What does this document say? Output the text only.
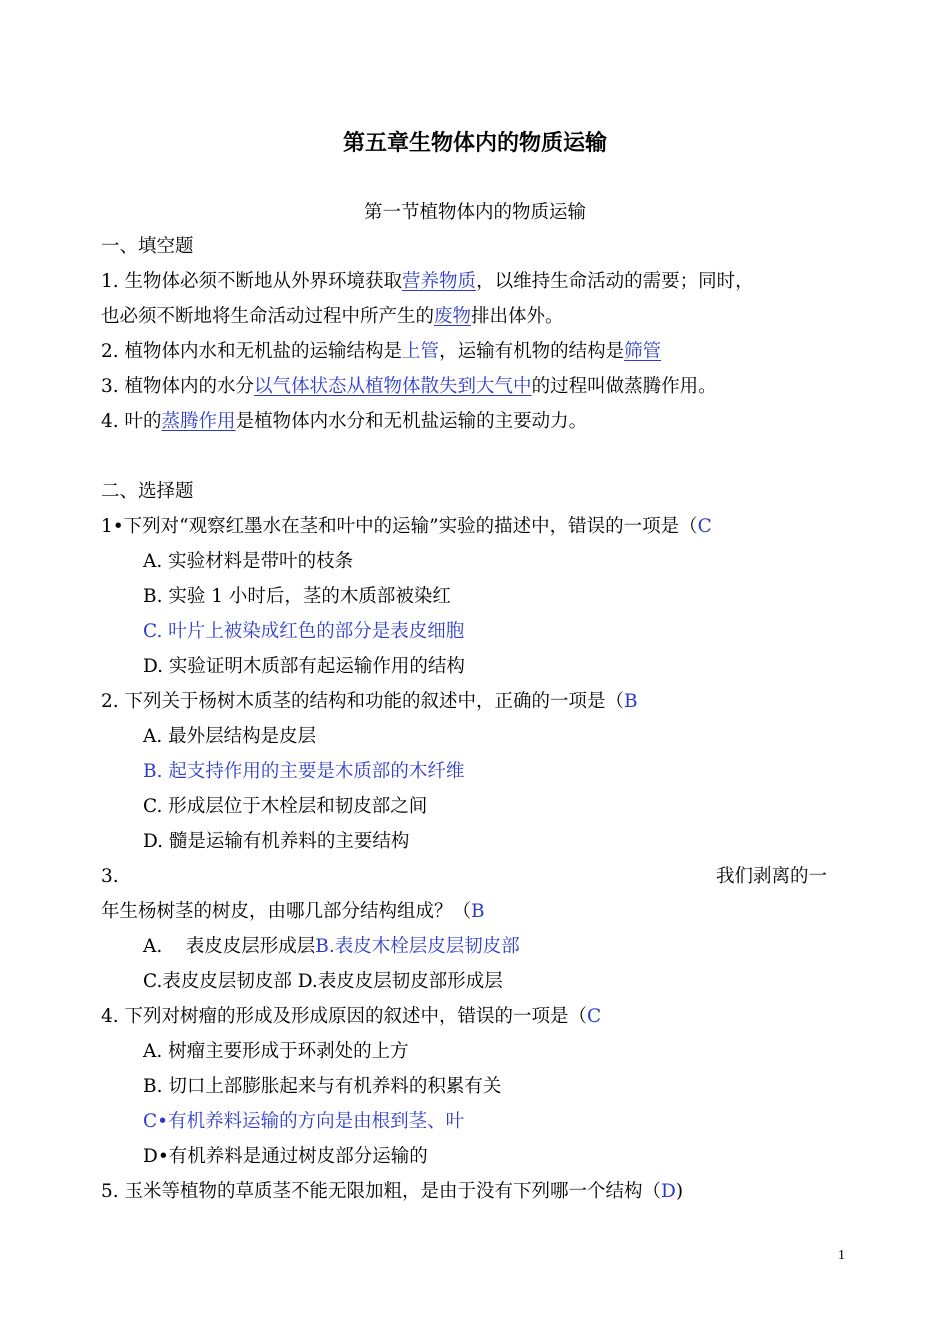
第五章生物体内的物质运输
第一节植物体内的物质运输
一、填空题
1. 生物体必须不断地从外界环境获取营养物质，以维持生命活动的需要；同时，
也必须不断地将生命活动过程中所产生的废物排出体外。
2. 植物体内水和无机盐的运输结构是上管，运输有机物的结构是筛管
3. 植物体内的水分以气体状态从植物体散失到大气中的过程叫做蒸腾作用。
4. 叶的蒸腾作用是植物体内水分和无机盐运输的主要动力。
二、选择题
1•下列对“观察红墨水在茎和叶中的运输”实验的描述中，错误的一项是（C
A. 实验材料是带叶的枝条
B. 实验 1 小时后，茎的木质部被染红
C. 叶片上被染成红色的部分是表皮细胞
D. 实验证明木质部有起运输作用的结构
2. 下列关于杨树木质茎的结构和功能的叙述中，正确的一项是（B
A. 最外层结构是皮层
B. 起支持作用的主要是木质部的木纤维
C. 形成层位于木栓层和韧皮部之间
D. 髓是运输有机养料的主要结构
3.	我们剥离的一
年生杨树茎的树皮，由哪几部分结构组成？（B
A.    表皮皮层形成层B.表皮木栓层皮层韧皮部
C.表皮皮层韧皮部 D.表皮皮层韧皮部形成层
4. 下列对树瘤的形成及形成原因的叙述中，错误的一项是（C
A. 树瘤主要形成于环剥处的上方
B. 切口上部膨胀起来与有机养料的积累有关
C•有机养料运输的方向是由根到茎、叶
D•有机养料是通过树皮部分运输的
5. 玉米等植物的草质茎不能无限加粗，是由于没有下列哪一个结构（D)
1
